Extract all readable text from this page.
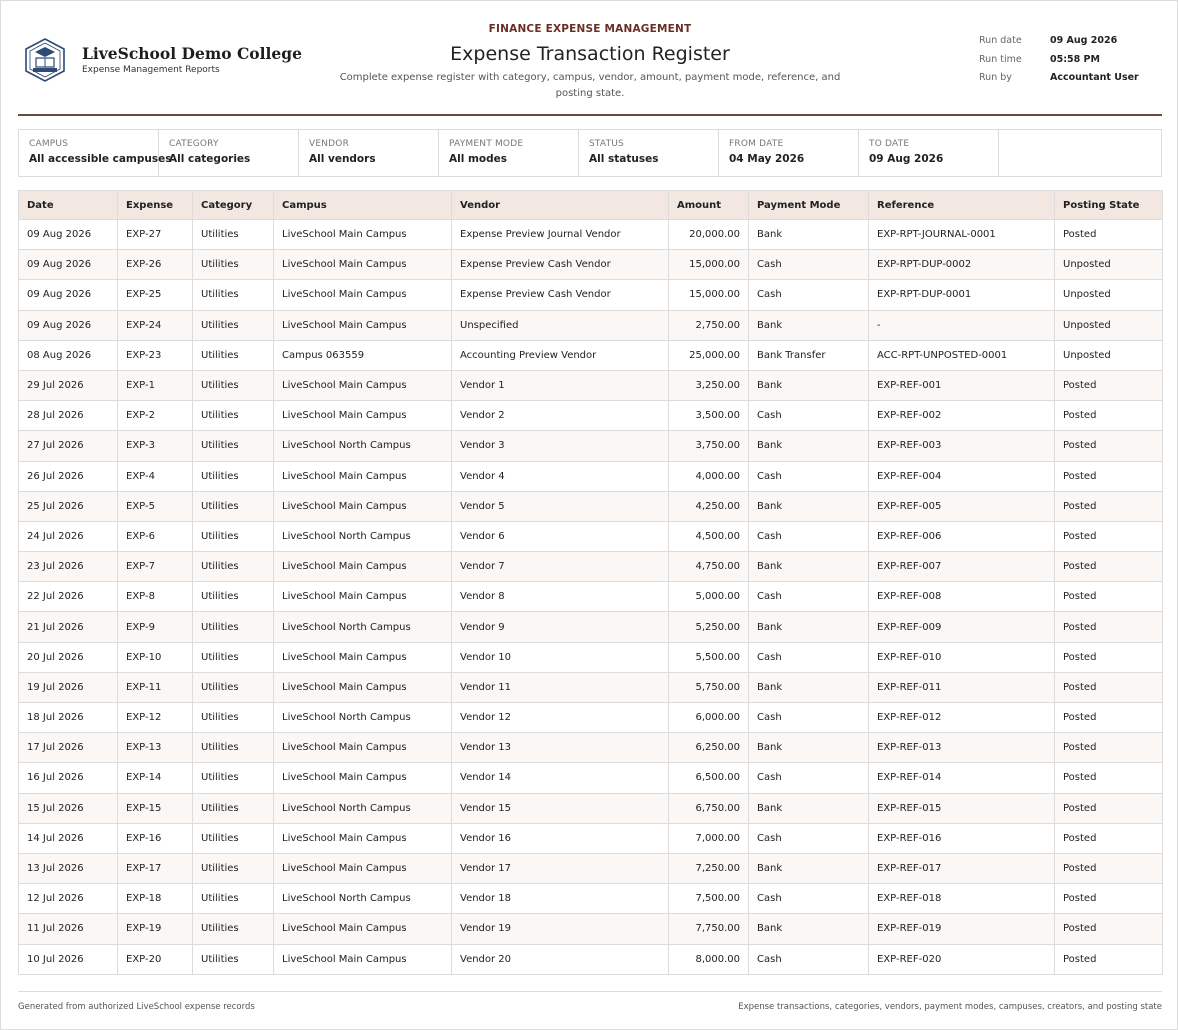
LiveSchool Demo College
Expense Management Reports
FINANCE EXPENSE MANAGEMENT
Expense Transaction Register
Complete expense register with category, campus, vendor, amount, payment mode, reference, and posting state.
Run date	09 Aug 2026
Run time	05:58 PM
Run by	Accountant User
CAMPUS
All accessible campuses
CATEGORY
All categories
VENDOR
All vendors
PAYMENT MODE
All modes
STATUS
All statuses
FROM DATE
04 May 2026
TO DATE
09 Aug 2026
Date	Expense	Category	Campus	Vendor	Amount	Payment Mode	Reference	Posting State
09 Aug 2026	EXP-27	Utilities	LiveSchool Main Campus	Expense Preview Journal Vendor	20,000.00	Bank	EXP-RPT-JOURNAL-0001	Posted
09 Aug 2026	EXP-26	Utilities	LiveSchool Main Campus	Expense Preview Cash Vendor	15,000.00	Cash	EXP-RPT-DUP-0002	Unposted
09 Aug 2026	EXP-25	Utilities	LiveSchool Main Campus	Expense Preview Cash Vendor	15,000.00	Cash	EXP-RPT-DUP-0001	Unposted
09 Aug 2026	EXP-24	Utilities	LiveSchool Main Campus	Unspecified	2,750.00	Bank	-	Unposted
08 Aug 2026	EXP-23	Utilities	Campus 063559	Accounting Preview Vendor	25,000.00	Bank Transfer	ACC-RPT-UNPOSTED-0001	Unposted
29 Jul 2026	EXP-1	Utilities	LiveSchool Main Campus	Vendor 1	3,250.00	Bank	EXP-REF-001	Posted
28 Jul 2026	EXP-2	Utilities	LiveSchool Main Campus	Vendor 2	3,500.00	Cash	EXP-REF-002	Posted
27 Jul 2026	EXP-3	Utilities	LiveSchool North Campus	Vendor 3	3,750.00	Bank	EXP-REF-003	Posted
26 Jul 2026	EXP-4	Utilities	LiveSchool Main Campus	Vendor 4	4,000.00	Cash	EXP-REF-004	Posted
25 Jul 2026	EXP-5	Utilities	LiveSchool Main Campus	Vendor 5	4,250.00	Bank	EXP-REF-005	Posted
24 Jul 2026	EXP-6	Utilities	LiveSchool North Campus	Vendor 6	4,500.00	Cash	EXP-REF-006	Posted
23 Jul 2026	EXP-7	Utilities	LiveSchool Main Campus	Vendor 7	4,750.00	Bank	EXP-REF-007	Posted
22 Jul 2026	EXP-8	Utilities	LiveSchool Main Campus	Vendor 8	5,000.00	Cash	EXP-REF-008	Posted
21 Jul 2026	EXP-9	Utilities	LiveSchool North Campus	Vendor 9	5,250.00	Bank	EXP-REF-009	Posted
20 Jul 2026	EXP-10	Utilities	LiveSchool Main Campus	Vendor 10	5,500.00	Cash	EXP-REF-010	Posted
19 Jul 2026	EXP-11	Utilities	LiveSchool Main Campus	Vendor 11	5,750.00	Bank	EXP-REF-011	Posted
18 Jul 2026	EXP-12	Utilities	LiveSchool North Campus	Vendor 12	6,000.00	Cash	EXP-REF-012	Posted
17 Jul 2026	EXP-13	Utilities	LiveSchool Main Campus	Vendor 13	6,250.00	Bank	EXP-REF-013	Posted
16 Jul 2026	EXP-14	Utilities	LiveSchool Main Campus	Vendor 14	6,500.00	Cash	EXP-REF-014	Posted
15 Jul 2026	EXP-15	Utilities	LiveSchool North Campus	Vendor 15	6,750.00	Bank	EXP-REF-015	Posted
14 Jul 2026	EXP-16	Utilities	LiveSchool Main Campus	Vendor 16	7,000.00	Cash	EXP-REF-016	Posted
13 Jul 2026	EXP-17	Utilities	LiveSchool Main Campus	Vendor 17	7,250.00	Bank	EXP-REF-017	Posted
12 Jul 2026	EXP-18	Utilities	LiveSchool North Campus	Vendor 18	7,500.00	Cash	EXP-REF-018	Posted
11 Jul 2026	EXP-19	Utilities	LiveSchool Main Campus	Vendor 19	7,750.00	Bank	EXP-REF-019	Posted
10 Jul 2026	EXP-20	Utilities	LiveSchool Main Campus	Vendor 20	8,000.00	Cash	EXP-REF-020	Posted
Generated from authorized LiveSchool expense records	Expense transactions, categories, vendors, payment modes, campuses, creators, and posting state
